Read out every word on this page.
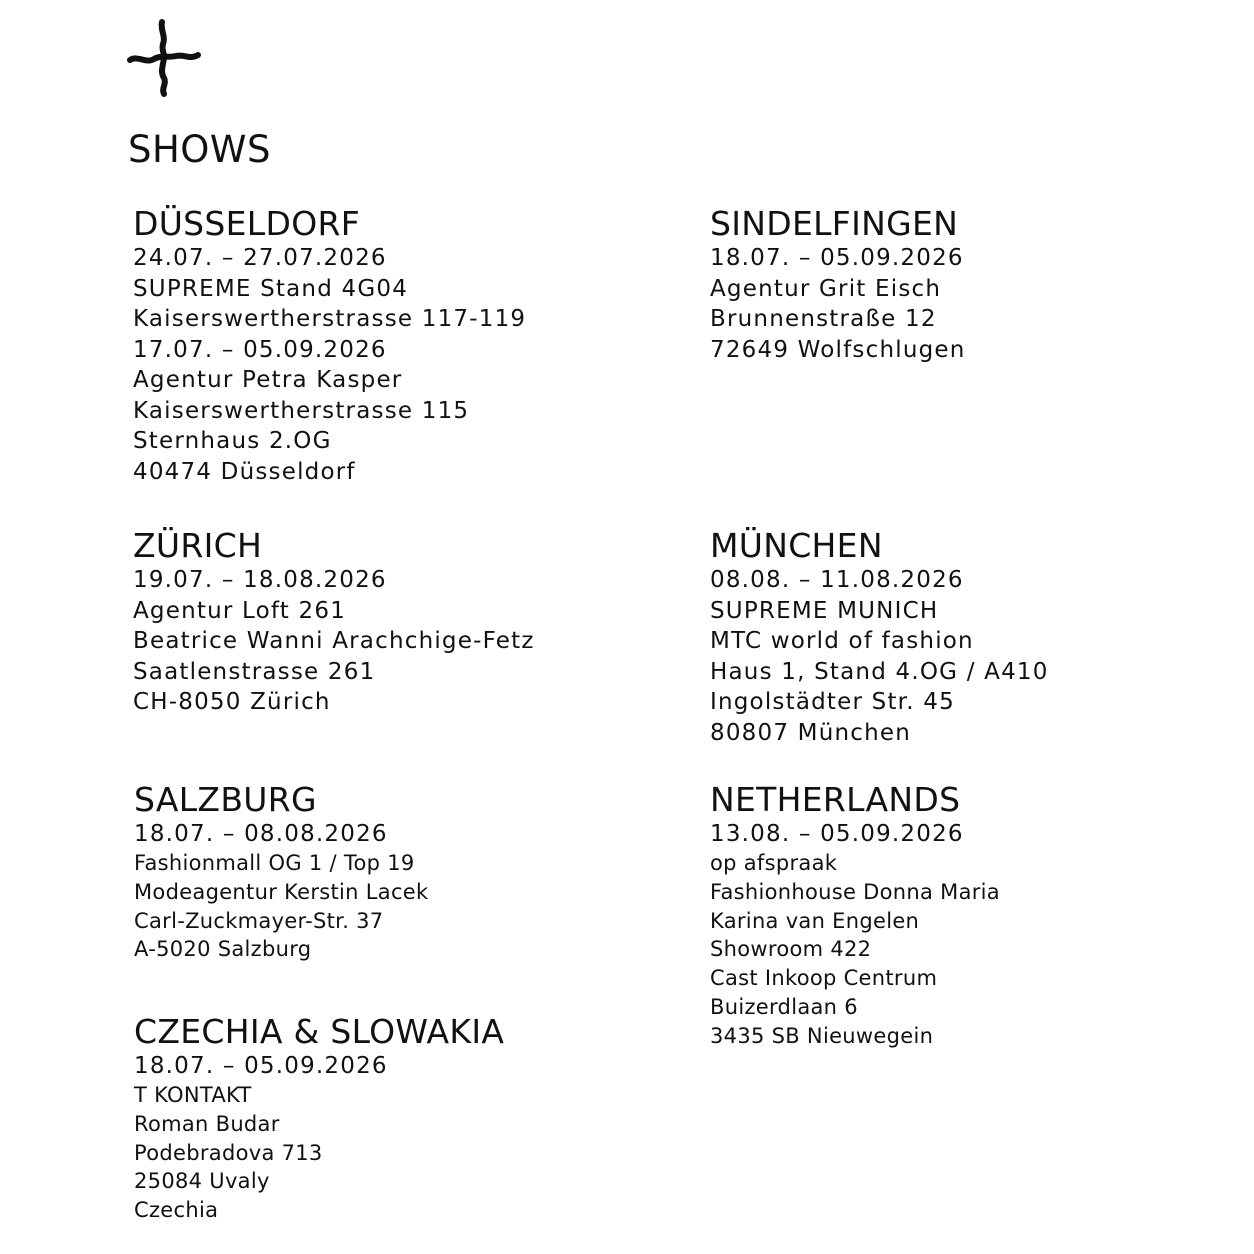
SHOWS
DÜSSELDORF
24.07. – 27.07.2026
SUPREME Stand 4G04
Kaiserswertherstrasse 117-119
17.07. – 05.09.2026
Agentur Petra Kasper
Kaiserswertherstrasse 115
Sternhaus 2.OG
40474 Düsseldorf
SINDELFINGEN
18.07. – 05.09.2026
Agentur Grit Eisch
Brunnenstraße 12
72649 Wolfschlugen
ZÜRICH
19.07. – 18.08.2026
Agentur Loft 261
Beatrice Wanni Arachchige-Fetz
Saatlenstrasse 261
CH-8050 Zürich
MÜNCHEN
08.08. – 11.08.2026
SUPREME MUNICH
MTC world of fashion
Haus 1, Stand 4.OG / A410
Ingolstädter Str. 45
80807 München
SALZBURG
18.07. – 08.08.2026
Fashionmall OG 1 / Top 19
Modeagentur Kerstin Lacek
Carl-Zuckmayer-Str. 37
A-5020 Salzburg
NETHERLANDS
13.08. – 05.09.2026
op afspraak
Fashionhouse Donna Maria
Karina van Engelen
Showroom 422
Cast Inkoop Centrum
Buizerdlaan 6
3435 SB Nieuwegein
CZECHIA & SLOWAKIA
18.07. – 05.09.2026
T KONTAKT
Roman Budar
Podebradova 713
25084 Uvaly
Czechia
